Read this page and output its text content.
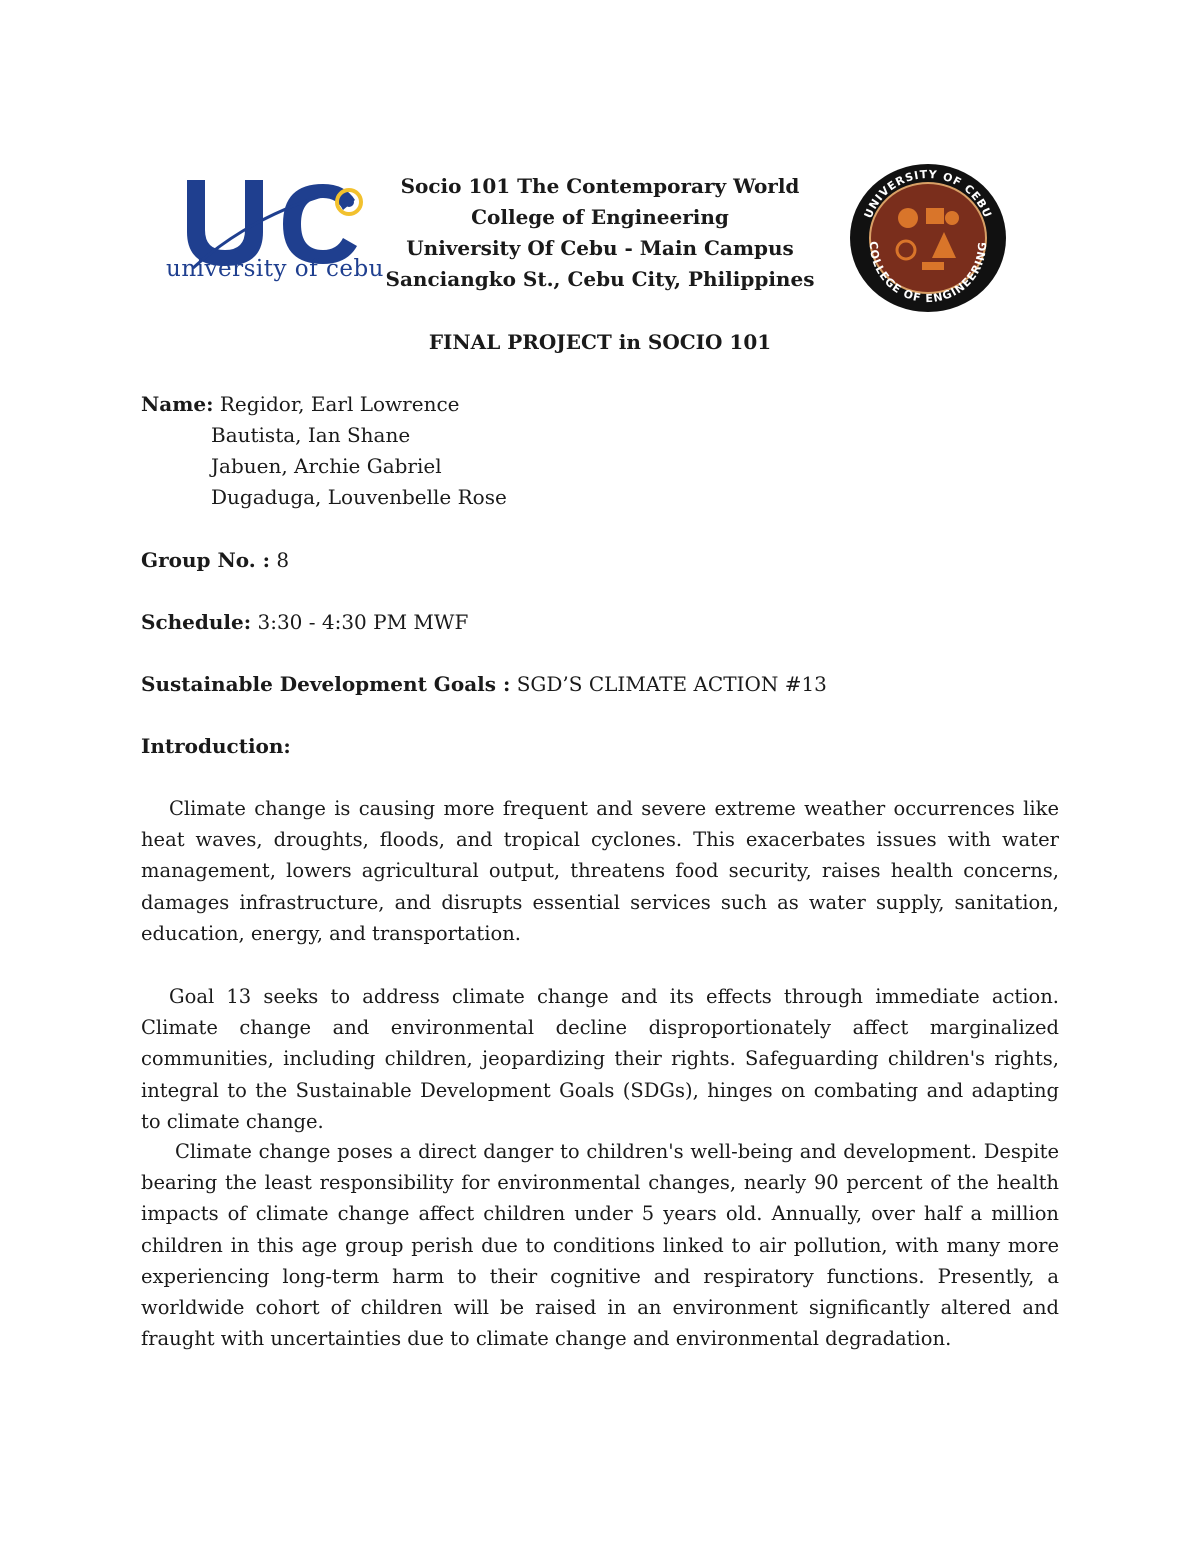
university of cebu
Socio 101 The Contemporary World
College of Engineering
University Of Cebu - Main Campus
Sanciangko St., Cebu City, Philippines
UNIVERSITY OF CEBU
COLLEGE OF ENGINEERING
FINAL PROJECT in SOCIO 101
Name: Regidor, Earl Lowrence
Bautista, Ian Shane
Jabuen, Archie Gabriel
Dugaduga, Louvenbelle Rose
Group No. : 8
Schedule: 3:30 - 4:30 PM MWF
Sustainable Development Goals : SGD’S CLIMATE ACTION #13
Introduction:

Climate change is causing more frequent and severe extreme weather occurrences like heat waves, droughts, floods, and tropical cyclones. This exacerbates issues with water management, lowers agricultural output, threatens food security, raises health concerns, damages infrastructure, and disrupts essential services such as water supply, sanitation, education, energy, and transportation.

Goal 13 seeks to address climate change and its effects through immediate action. Climate change and environmental decline disproportionately affect marginalized communities, including children, jeopardizing their rights. Safeguarding children's rights, integral to the Sustainable Development Goals (SDGs), hinges on combating and adapting to climate change.

Climate change poses a direct danger to children's well-being and development. Despite bearing the least responsibility for environmental changes, nearly 90 percent of the health impacts of climate change affect children under 5 years old. Annually, over half a million children in this age group perish due to conditions linked to air pollution, with many more experiencing long-term harm to their cognitive and respiratory functions. Presently, a worldwide cohort of children will be raised in an environment significantly altered and fraught with uncertainties due to climate change and environmental degradation.
